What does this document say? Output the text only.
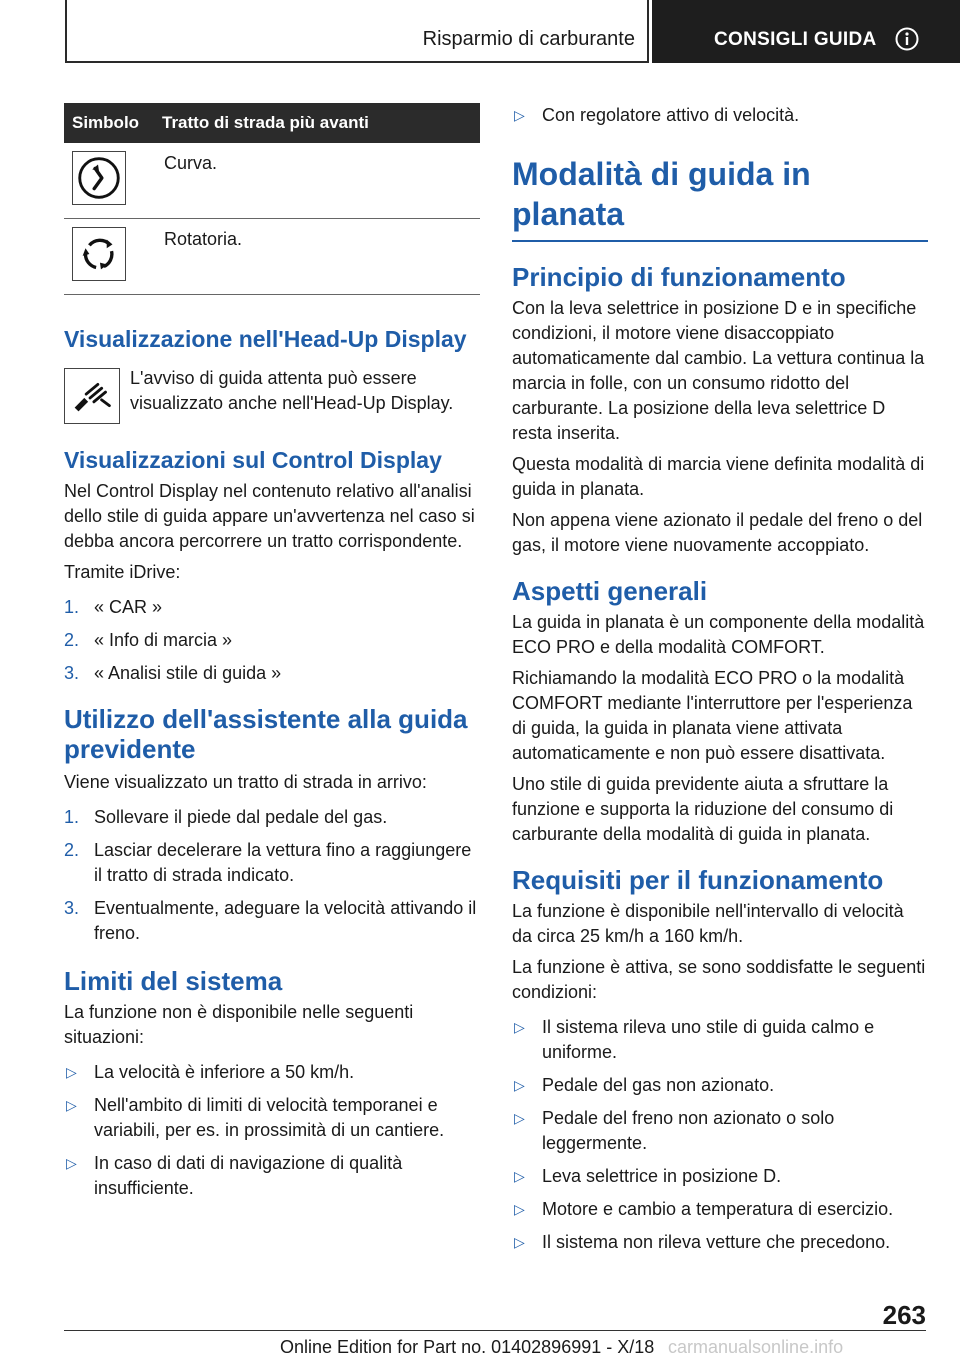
Risparmio di carburante	CONSIGLI GUIDA
Simbolo	Tratto di strada più avanti

Curva.

Rotatoria.
Visualizzazione nell'Head-Up Display
L'avviso di guida attenta può essere visualizzato anche nell'Head-Up Display.
Visualizzazioni sul Control Display

Nel Control Display nel contenuto relativo all'analisi dello stile di guida appare un'avvertenza nel caso si debba ancora percorrere un tratto corrispondente.

Tramite iDrive:

1. « CAR »
2. « Info di marcia »
3. « Analisi stile di guida »
Utilizzo dell'assistente alla guida previdente

Viene visualizzato un tratto di strada in arrivo:

1. Sollevare il piede dal pedale del gas.
2. Lasciar decelerare la vettura fino a raggiungere il tratto di strada indicato.
3. Eventualmente, adeguare la velocità attivando il freno.
Limiti del sistema

La funzione non è disponibile nelle seguenti situazioni:

▷ La velocità è inferiore a 50 km/h.
▷ Nell'ambito di limiti di velocità temporanei e variabili, per es. in prossimità di un cantiere.
▷ In caso di dati di navigazione di qualità insufficiente.
▷ Con regolatore attivo di velocità.
Modalità di guida in planata
Principio di funzionamento

Con la leva selettrice in posizione D e in specifiche condizioni, il motore viene disaccoppiato automaticamente dal cambio. La vettura continua la marcia in folle, con un consumo ridotto del carburante. La posizione della leva selettrice D resta inserita.

Questa modalità di marcia viene definita modalità di guida in planata.

Non appena viene azionato il pedale del freno o del gas, il motore viene nuovamente accoppiato.

Aspetti generali

La guida in planata è un componente della modalità ECO PRO e della modalità COMFORT.

Richiamando la modalità ECO PRO o la modalità COMFORT mediante l'interruttore per l'esperienza di guida, la guida in planata viene attivata automaticamente e non può essere disattivata.

Uno stile di guida previdente aiuta a sfruttare la funzione e supporta la riduzione del consumo di carburante della modalità di guida in planata.

Requisiti per il funzionamento

La funzione è disponibile nell'intervallo di velocità da circa 25 km/h a 160 km/h.

La funzione è attiva, se sono soddisfatte le seguenti condizioni:

▷ Il sistema rileva uno stile di guida calmo e uniforme.
▷ Pedale del gas non azionato.
▷ Pedale del freno non azionato o solo leggermente.
▷ Leva selettrice in posizione D.
▷ Motore e cambio a temperatura di esercizio.
▷ Il sistema non rileva vetture che precedono.
263
Online Edition for Part no. 01402896991 - X/18 carmanualsonline.info
